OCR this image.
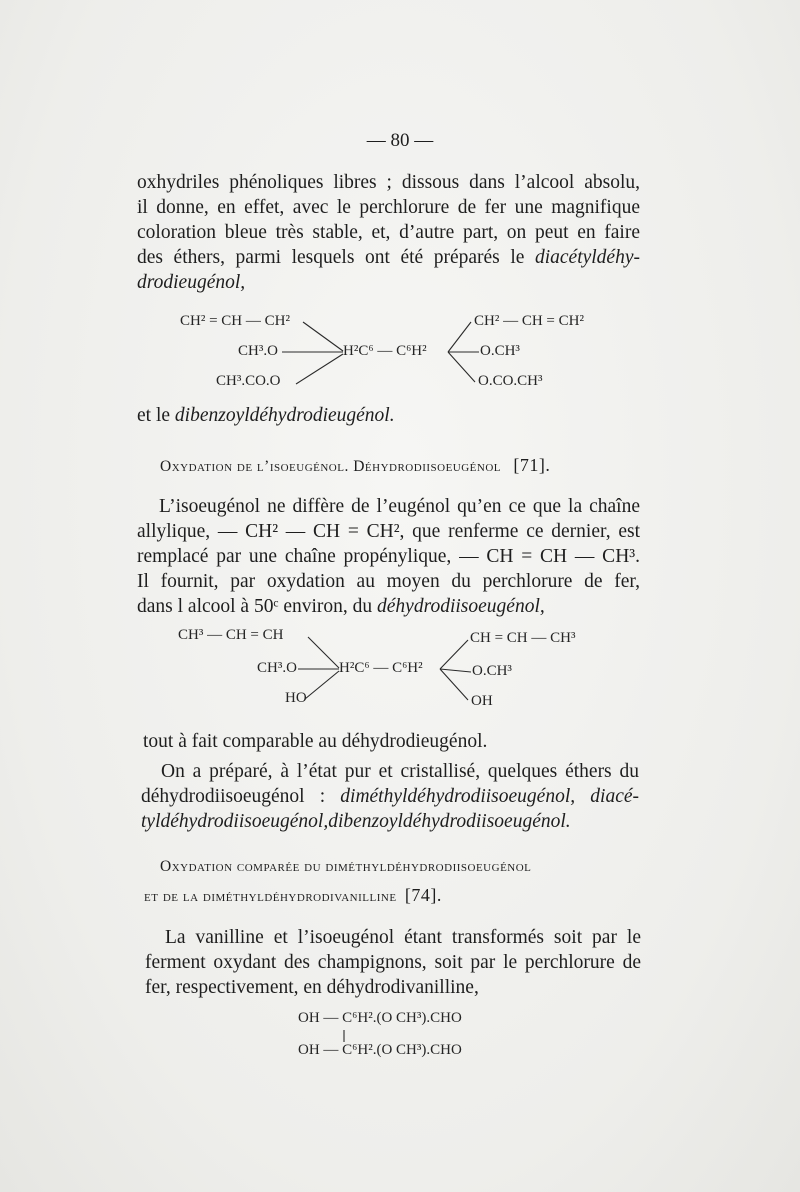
— 80 —
oxhydriles phénoliques libres ; dissous dans l’alcool absolu,
il donne, en effet, avec le perchlorure de fer une magnifique
coloration bleue très stable, et, d’autre part, on peut en faire
des éthers, parmi lesquels ont été préparés le diacétyldéhy-
drodieugénol,
CH² = CH — CH²
CH³.O
CH³.CO.O
H²C⁶ — C⁶H²
CH² — CH = CH²
O.CH³
O.CO.CH³
et le dibenzoyldéhydrodieugénol.
Oxydation de l’isoeugénol. Déhydrodiisoeugénol [71].
L’isoeugénol ne diffère de l’eugénol qu’en ce que la chaîne
allylique, — CH² — CH = CH², que renferme ce dernier, est
remplacé par une chaîne propénylique, — CH = CH — CH³.
Il fournit, par oxydation au moyen du perchlorure de fer,
dans l alcool à 50ᶜ environ, du déhydrodiisoeugénol,
CH³ — CH = CH
CH³.O
HO
H²C⁶ — C⁶H²
CH = CH — CH³
O.CH³
OH
tout à fait comparable au déhydrodieugénol.
On a préparé, à l’état pur et cristallisé, quelques éthers du
déhydrodiisoeugénol : diméthyldéhydrodiisoeugénol, diacé-
tyldéhydrodiisoeugénol,dibenzoyldéhydrodiisoeugénol.
Oxydation comparée du diméthyldéhydrodiisoeugénol
et de la diméthyldéhydrodivanilline [74].
La vanilline et l’isoeugénol étant transformés soit par le
ferment oxydant des champignons, soit par le perchlorure de
fer, respectivement, en déhydrodivanilline,
OH — C⁶H².(O CH³).CHO
OH — C⁶H².(O CH³).CHO
